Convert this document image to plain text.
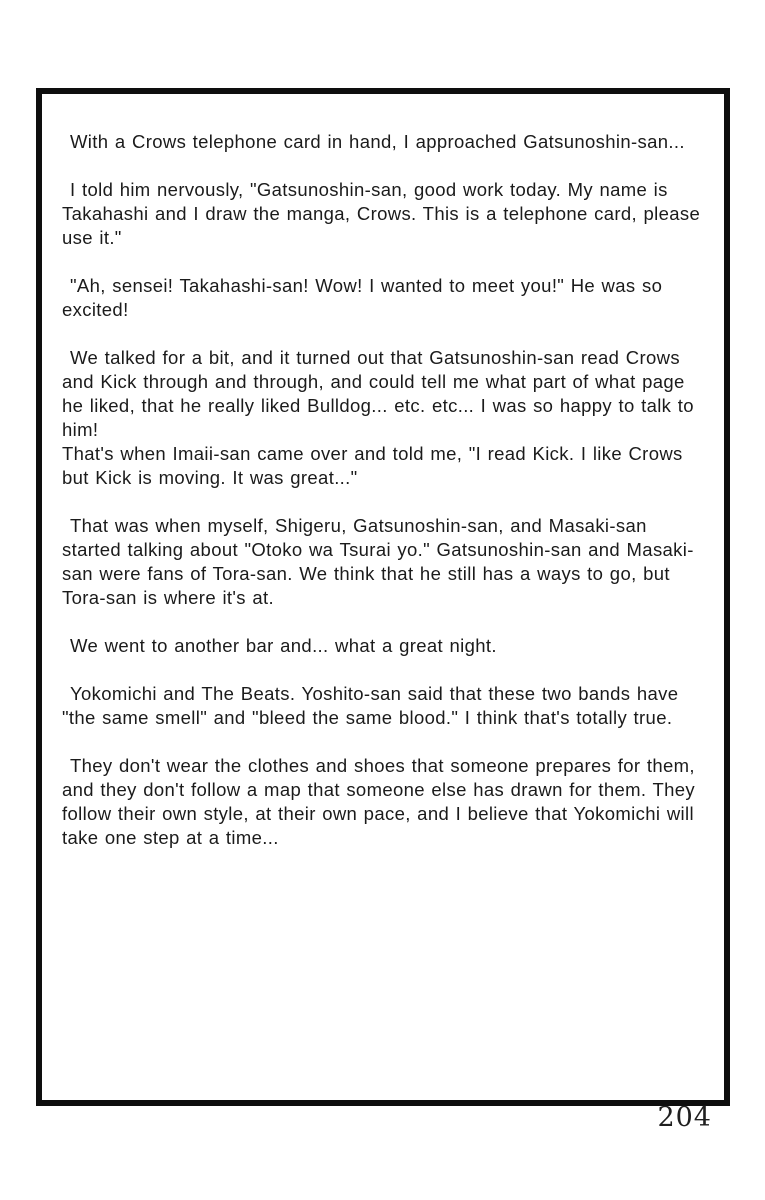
With a Crows telephone card in hand, I approached Gatsunoshin-san...

I told him nervously, "Gatsunoshin-san, good work today. My name is Takahashi and I draw the manga, Crows. This is a telephone card, please use it."

"Ah, sensei! Takahashi-san! Wow! I wanted to meet you!" He was so excited!

We talked for a bit, and it turned out that Gatsunoshin-san read Crows and Kick through and through, and could tell me what part of what page he liked, that he really liked Bulldog... etc. etc... I was so happy to talk to him!

That's when Imaii-san came over and told me, "I read Kick. I like Crows but Kick is moving. It was great..."

That was when myself, Shigeru, Gatsunoshin-san, and Masaki-san started talking about "Otoko wa Tsurai yo." Gatsunoshin-san and Masaki-san were fans of Tora-san. We think that he still has a ways to go, but Tora-san is where it's at.

We went to another bar and... what a great night.

Yokomichi and The Beats. Yoshito-san said that these two bands have "the same smell" and "bleed the same blood." I think that's totally true.

They don't wear the clothes and shoes that someone prepares for them, and they don't follow a map that someone else has drawn for them. They follow their own style, at their own pace, and I believe that Yokomichi will take one step at a time...

204
